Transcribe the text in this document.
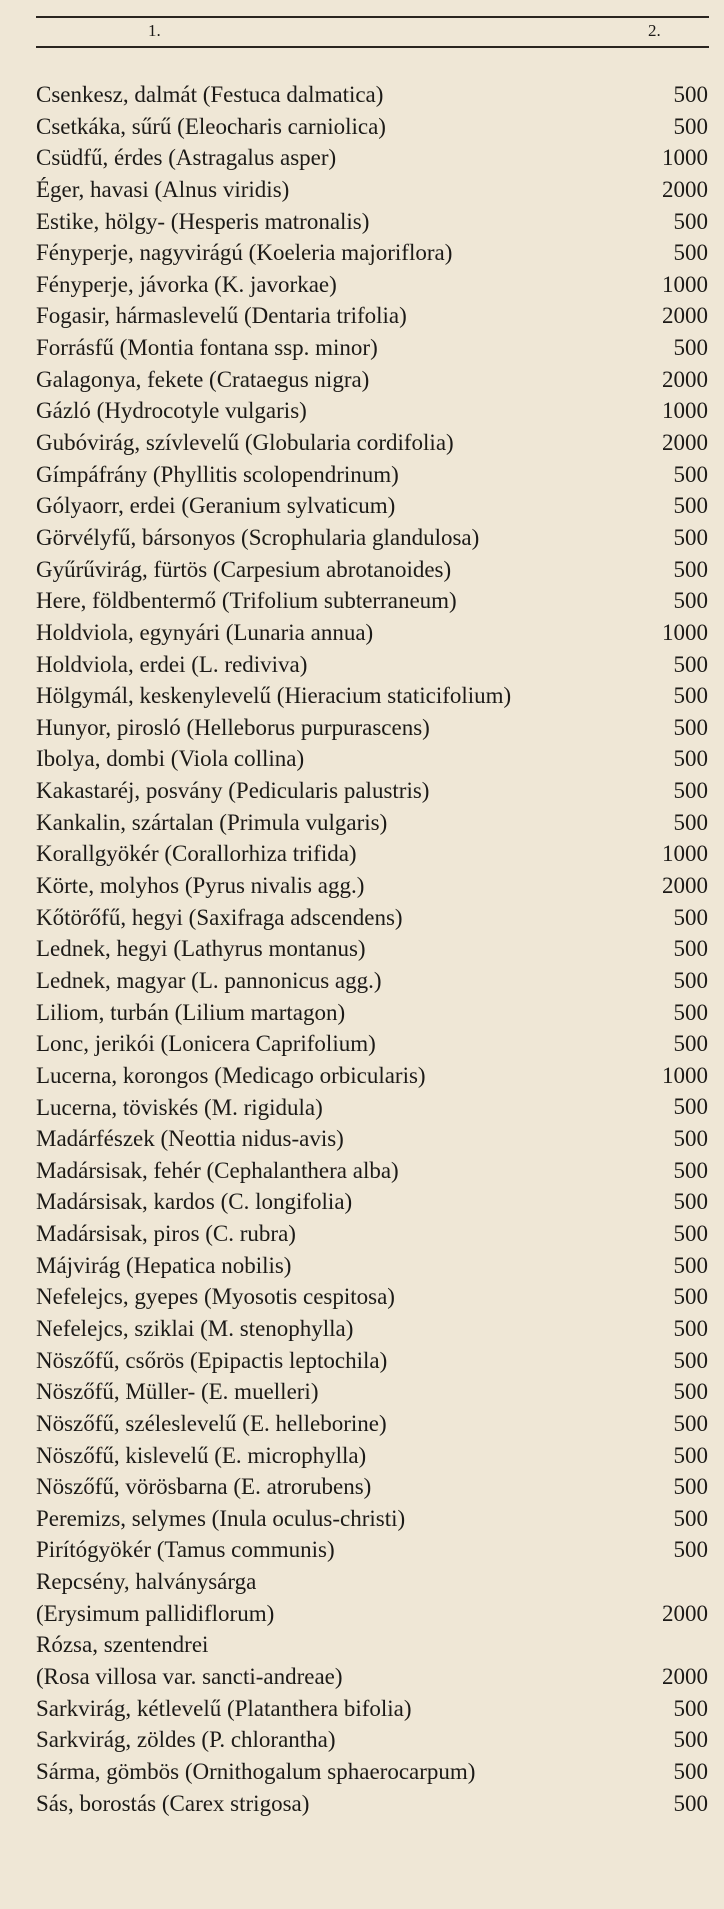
1.	2.
Csenkesz, dalmát (Festuca dalmatica)	500
Csetkáka, sűrű (Eleocharis carniolica)	500
Csüdfű, érdes (Astragalus asper)	1000
Éger, havasi (Alnus viridis)	2000
Estike, hölgy- (Hesperis matronalis)	500
Fényperje, nagyvirágú (Koeleria majoriflora)	500
Fényperje, jávorka (K. javorkae)	1000
Fogasir, hármaslevelű (Dentaria trifolia)	2000
Forrásfű (Montia fontana ssp. minor)	500
Galagonya, fekete (Crataegus nigra)	2000
Gázló (Hydrocotyle vulgaris)	1000
Gubóvirág, szívlevelű (Globularia cordifolia)	2000
Gímpáfrány (Phyllitis scolopendrinum)	500
Gólyaorr, erdei (Geranium sylvaticum)	500
Görvélyfű, bársonyos (Scrophularia glandulosa)	500
Gyűrűvirág, fürtös (Carpesium abrotanoides)	500
Here, földbentermő (Trifolium subterraneum)	500
Holdviola, egynyári (Lunaria annua)	1000
Holdviola, erdei (L. rediviva)	500
Hölgymál, keskenylevelű (Hieracium staticifolium)	500
Hunyor, pirosló (Helleborus purpurascens)	500
Ibolya, dombi (Viola collina)	500
Kakastaréj, posvány (Pedicularis palustris)	500
Kankalin, szártalan (Primula vulgaris)	500
Korallgyökér (Corallorhiza trifida)	1000
Körte, molyhos (Pyrus nivalis agg.)	2000
Kőtörőfű, hegyi (Saxifraga adscendens)	500
Lednek, hegyi (Lathyrus montanus)	500
Lednek, magyar (L. pannonicus agg.)	500
Liliom, turbán (Lilium martagon)	500
Lonc, jerikói (Lonicera Caprifolium)	500
Lucerna, korongos (Medicago orbicularis)	1000
Lucerna, töviskés (M. rigidula)	500
Madárfészek (Neottia nidus-avis)	500
Madársisak, fehér (Cephalanthera alba)	500
Madársisak, kardos (C. longifolia)	500
Madársisak, piros (C. rubra)	500
Májvirág (Hepatica nobilis)	500
Nefelejcs, gyepes (Myosotis cespitosa)	500
Nefelejcs, sziklai (M. stenophylla)	500
Nöszőfű, csőrös (Epipactis leptochila)	500
Nöszőfű, Müller- (E. muelleri)	500
Nöszőfű, széleslevelű (E. helleborine)	500
Nöszőfű, kislevelű (E. microphylla)	500
Nöszőfű, vörösbarna (E. atrorubens)	500
Peremizs, selymes (Inula oculus-christi)	500
Pirítógyökér (Tamus communis)	500
Repcsény, halványsárga
(Erysimum pallidiflorum)	2000
Rózsa, szentendrei
(Rosa villosa var. sancti-andreae)	2000
Sarkvirág, kétlevelű (Platanthera bifolia)	500
Sarkvirág, zöldes (P. chlorantha)	500
Sárma, gömbös (Ornithogalum sphaerocarpum)	500
Sás, borostás (Carex strigosa)	500
